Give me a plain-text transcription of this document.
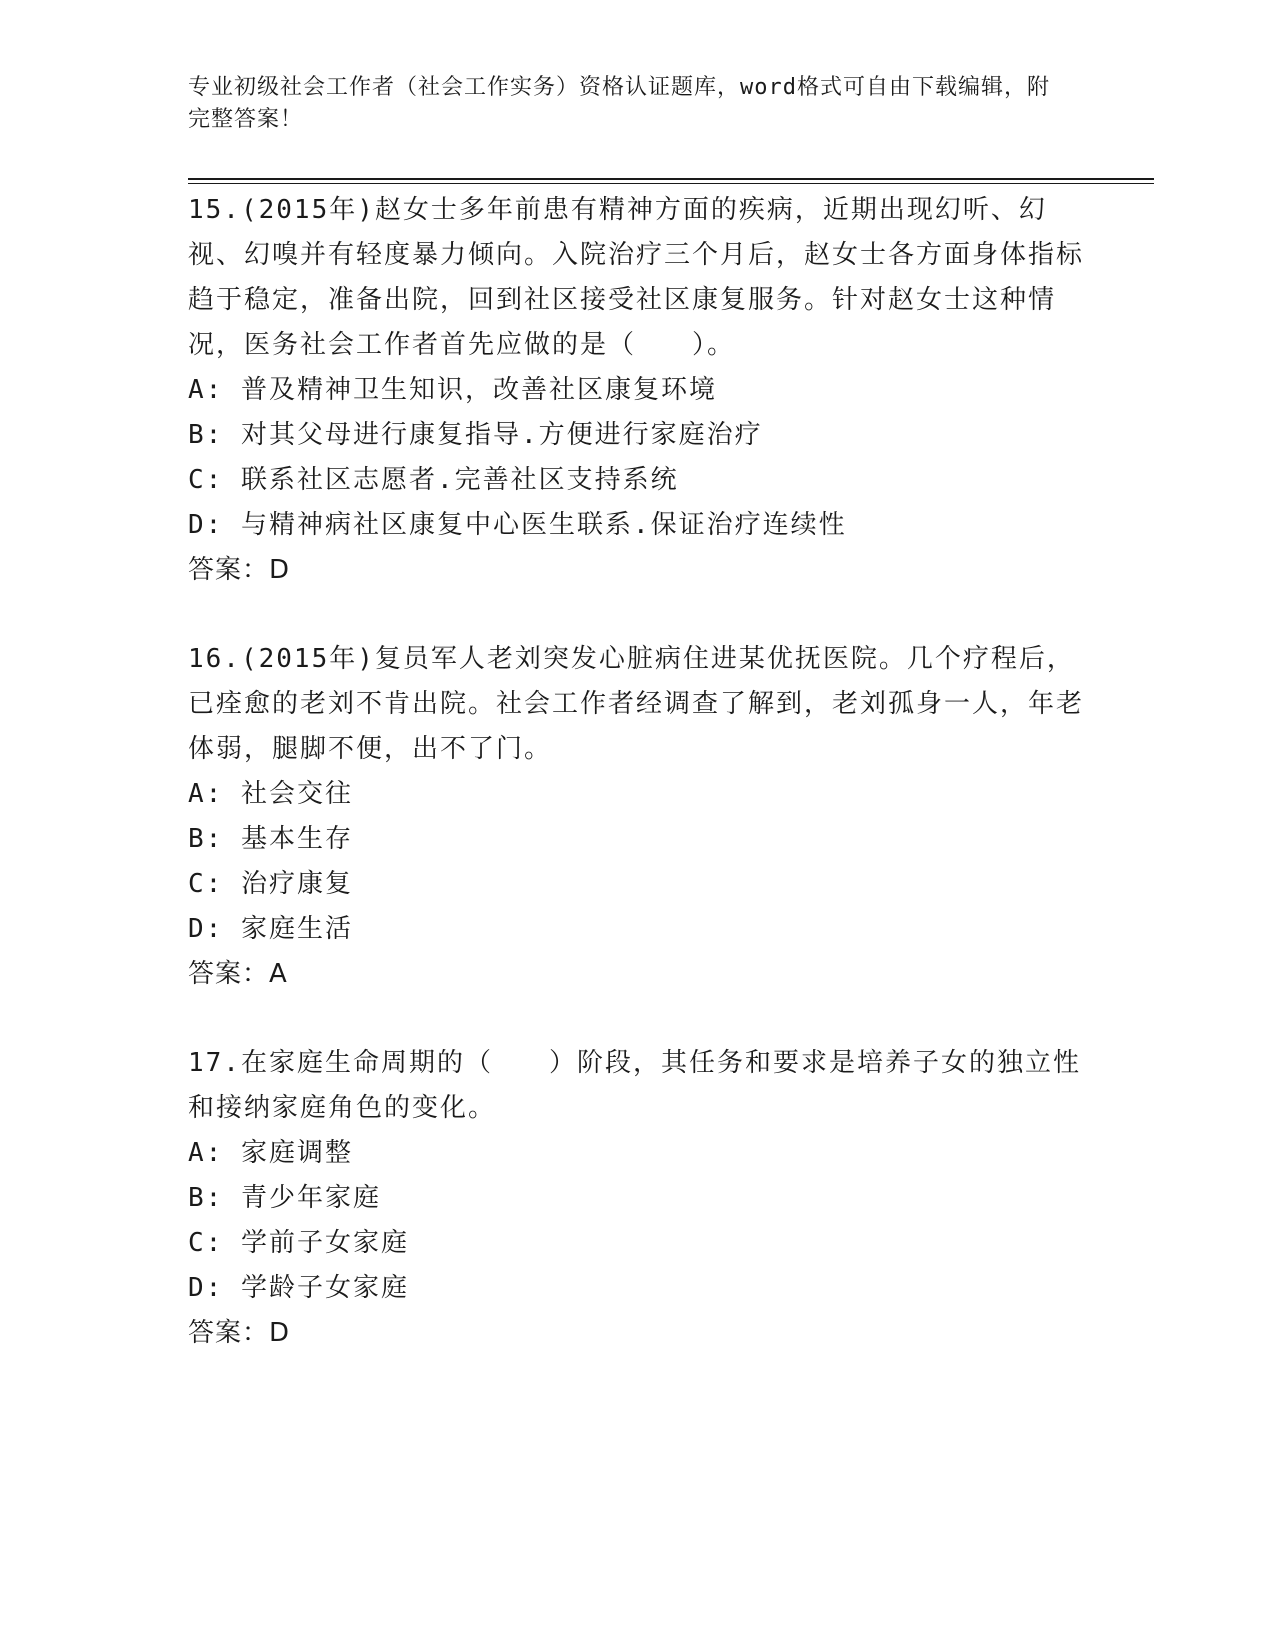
专业初级社会工作者（社会工作实务）资格认证题库，word格式可自由下载编辑，附完整答案！

15.(2015年)赵女士多年前患有精神方面的疾病，近期出现幻听、幻视、幻嗅并有轻度暴力倾向。入院治疗三个月后，赵女士各方面身体指标趋于稳定，准备出院，回到社区接受社区康复服务。针对赵女士这种情况，医务社会工作者首先应做的是（　　）。

A: 普及精神卫生知识，改善社区康复环境

B: 对其父母进行康复指导.方便进行家庭治疗

C: 联系社区志愿者.完善社区支持系统

D: 与精神病社区康复中心医生联系.保证治疗连续性

答案：D

16.(2015年)复员军人老刘突发心脏病住进某优抚医院。几个疗程后，已痊愈的老刘不肯出院。社会工作者经调查了解到，老刘孤身一人，年老体弱，腿脚不便，出不了门。

A: 社会交往

B: 基本生存

C: 治疗康复

D: 家庭生活

答案：A

17.在家庭生命周期的（　　）阶段，其任务和要求是培养子女的独立性和接纳家庭角色的变化。

A: 家庭调整

B: 青少年家庭

C: 学前子女家庭

D: 学龄子女家庭

答案：D
